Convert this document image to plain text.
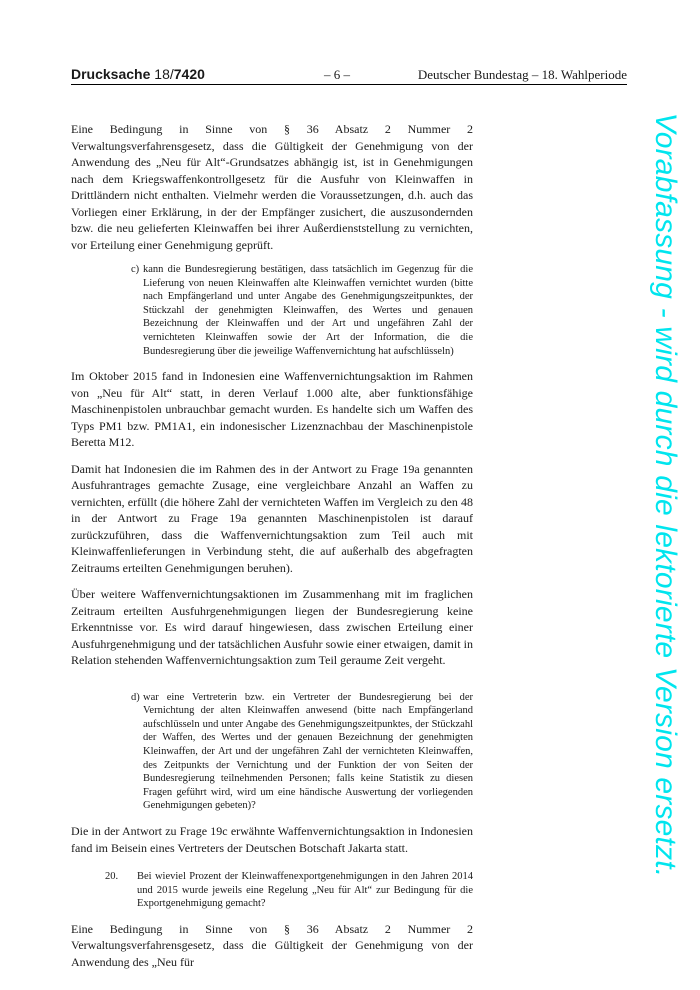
Drucksache 18/7420	– 6 –	Deutscher Bundestag – 18. Wahlperiode

Eine Bedingung in Sinne von § 36 Absatz 2 Nummer 2 Verwaltungsverfahrensgesetz, dass die Gültigkeit der Genehmigung von der Anwendung des „Neu für Alt“-Grundsatzes abhängig ist, ist in Genehmigungen nach dem Kriegswaffenkontrollgesetz für die Ausfuhr von Kleinwaffen in Drittländern nicht enthalten. Vielmehr werden die Voraussetzungen, d.h. auch das Vorliegen einer Erklärung, in der der Empfänger zusichert, die auszusondernden bzw. die neu gelieferten Kleinwaffen bei ihrer Außerdienststellung zu vernichten, vor Erteilung einer Genehmigung geprüft.

c) kann die Bundesregierung bestätigen, dass tatsächlich im Gegenzug für die Lieferung von neuen Kleinwaffen alte Kleinwaffen vernichtet wurden (bitte nach Empfängerland und unter Angabe des Genehmigungszeitpunktes, der Stückzahl der genehmigten Kleinwaffen, des Wertes und genauen Bezeichnung der Kleinwaffen und der Art und ungefähren Zahl der vernichteten Kleinwaffen sowie der Art der Information, die die Bundesregierung über die jeweilige Waffenvernichtung hat aufschlüsseln)

Im Oktober 2015 fand in Indonesien eine Waffenvernichtungsaktion im Rahmen von „Neu für Alt“ statt, in deren Verlauf 1.000 alte, aber funktionsfähige Maschinenpistolen unbrauchbar gemacht wurden. Es handelte sich um Waffen des Typs PM1 bzw. PM1A1, ein indonesischer Lizenznachbau der Maschinenpistole Beretta M12.

Damit hat Indonesien die im Rahmen des in der Antwort zu Frage 19a genannten Ausfuhrantrages gemachte Zusage, eine vergleichbare Anzahl an Waffen zu vernichten, erfüllt (die höhere Zahl der vernichteten Waffen im Vergleich zu den 48 in der Antwort zu Frage 19a genannten Maschinenpistolen ist darauf zurückzuführen, dass die Waffenvernichtungsaktion zum Teil auch mit Kleinwaffenlieferungen in Verbindung steht, die auf außerhalb des abgefragten Zeitraums erteilten Genehmigungen beruhen).

Über weitere Waffenvernichtungsaktionen im Zusammenhang mit im fraglichen Zeitraum erteilten Ausfuhrgenehmigungen liegen der Bundesregierung keine Erkenntnisse vor. Es wird darauf hingewiesen, dass zwischen Erteilung einer Ausfuhrgenehmigung und der tatsächlichen Ausfuhr sowie einer etwaigen, damit in Relation stehenden Waffenvernichtungsaktion zum Teil geraume Zeit vergeht.

d) war eine Vertreterin bzw. ein Vertreter der Bundesregierung bei der Vernichtung der alten Kleinwaffen anwesend (bitte nach Empfängerland aufschlüsseln und unter Angabe des Genehmigungszeitpunktes, der Stückzahl der Waffen, des Wertes und der genauen Bezeichnung der genehmigten Kleinwaffen, der Art und der ungefähren Zahl der vernichteten Kleinwaffen, des Zeitpunkts der Vernichtung und der Funktion der von Seiten der Bundesregierung teilnehmenden Personen; falls keine Statistik zu diesen Fragen geführt wird, wird um eine händische Auswertung der vorliegenden Genehmigungen gebeten)?

Die in der Antwort zu Frage 19c erwähnte Waffenvernichtungsaktion in Indonesien fand im Beisein eines Vertreters der Deutschen Botschaft Jakarta statt.

20.	Bei wieviel Prozent der Kleinwaffenexportgenehmigungen in den Jahren 2014 und 2015 wurde jeweils eine Regelung „Neu für Alt“ zur Bedingung für die Exportgenehmigung gemacht?

Eine Bedingung in Sinne von § 36 Absatz 2 Nummer 2 Verwaltungsverfahrensgesetz, dass die Gültigkeit der Genehmigung von der Anwendung des „Neu für

Vorabfassung - wird durch die lektorierte Version ersetzt.
